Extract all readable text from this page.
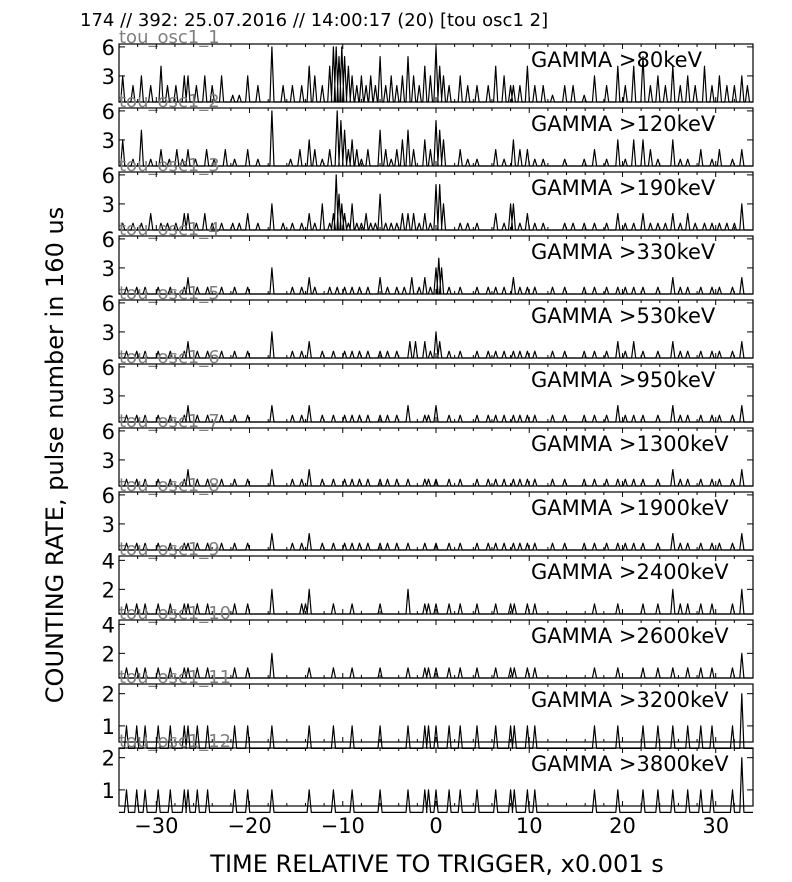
174 // 392: 25.07.2016 // 14:00:17 (20) [tou osc1 2]
tou_osc1_1
3
6
GAMMA >80keV
tou_osc1_2
3
6
GAMMA >120keV
tou_osc1_3
3
6
GAMMA >190keV
tou_osc1_4
3
6
GAMMA >330keV
tou_osc1_5
3
6
GAMMA >530keV
tou_osc1_6
3
6
GAMMA >950keV
tou_osc1_7
3
6
GAMMA >1300keV
tou_osc1_8
3
6
GAMMA >1900keV
tou_osc1_9
2
4	GAMMA >2400keV
tou_osc1_10
2
4	GAMMA >2600keV
tou_osc1_11
1
2	GAMMA >3200keV
tou_osc1_12
1
2	GAMMA >3800keV
−30 −20 −10	0	10	20	30
TIME RELATIVE TO TRIGGER, x0.001 s
COUNTING RATE, pulse number in 160 us
